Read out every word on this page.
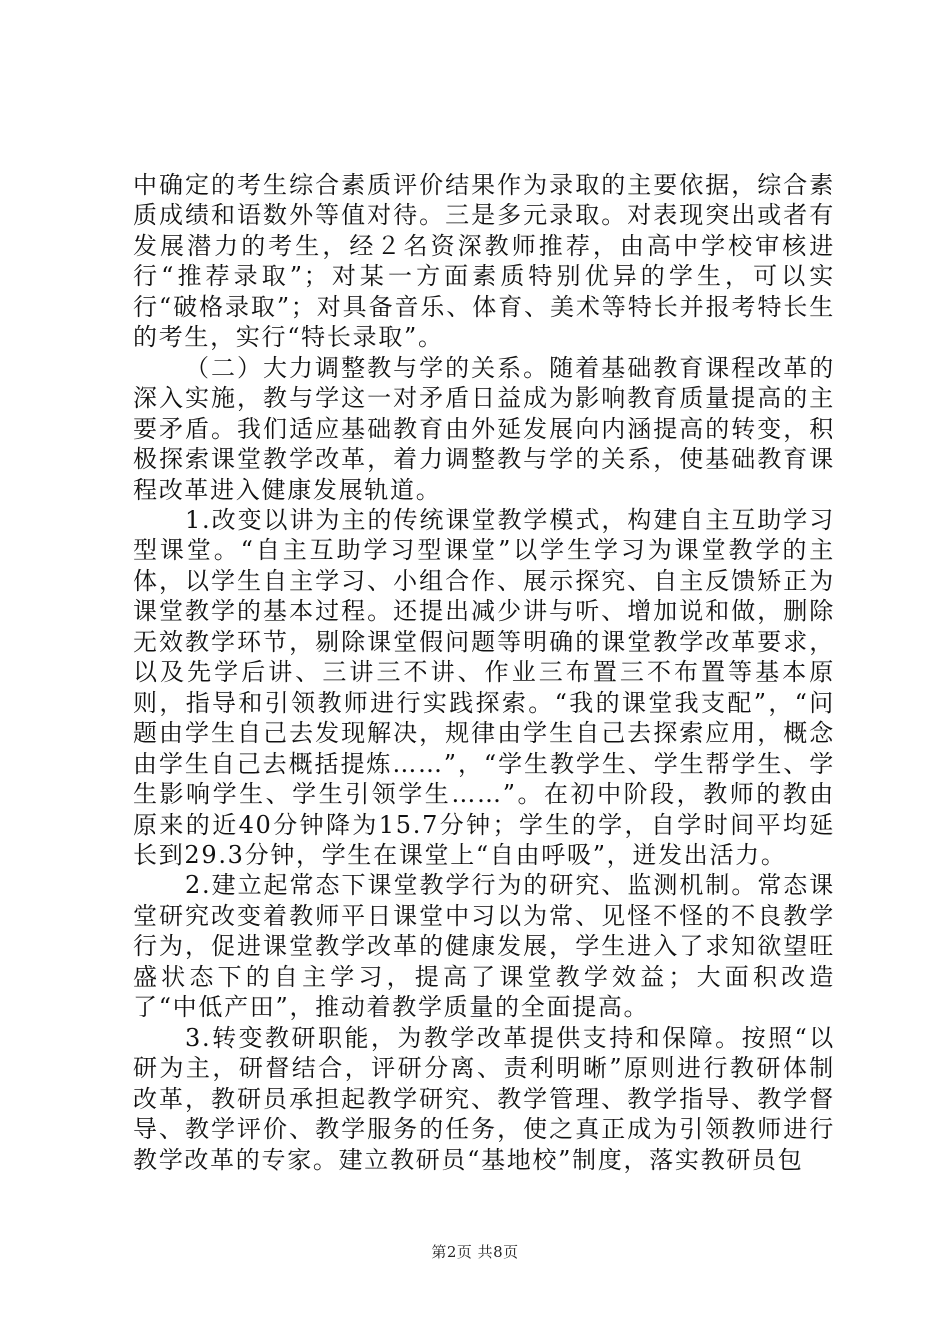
中确定的考生综合素质评价结果作为录取的主要依据，综合素质成绩和语数外等值对待。三是多元录取。对表现突出或者有发展潜力的考生，经２名资深教师推荐，由高中学校审核进行“推荐录取”；对某一方面素质特别优异的学生，可以实行“破格录取”；对具备音乐、体育、美术等特长并报考特长生的考生，实行“特长录取”。

（二）大力调整教与学的关系。随着基础教育课程改革的深入实施，教与学这一对矛盾日益成为影响教育质量提高的主要矛盾。我们适应基础教育由外延发展向内涵提高的转变，积极探索课堂教学改革，着力调整教与学的关系，使基础教育课程改革进入健康发展轨道。

1.改变以讲为主的传统课堂教学模式，构建自主互助学习型课堂。“自主互助学习型课堂”以学生学习为课堂教学的主体，以学生自主学习、小组合作、展示探究、自主反馈矫正为课堂教学的基本过程。还提出减少讲与听、增加说和做，删除无效教学环节，剔除课堂假问题等明确的课堂教学改革要求，以及先学后讲、三讲三不讲、作业三布置三不布置等基本原则，指导和引领教师进行实践探索。“我的课堂我支配”，“问题由学生自己去发现解决，规律由学生自己去探索应用，概念由学生自己去概括提炼……”，“学生教学生、学生帮学生、学生影响学生、学生引领学生……”。在初中阶段，教师的教由原来的近40分钟降为15.7分钟；学生的学，自学时间平均延长到29.3分钟，学生在课堂上“自由呼吸”，迸发出活力。

2.建立起常态下课堂教学行为的研究、监测机制。常态课堂研究改变着教师平日课堂中习以为常、见怪不怪的不良教学行为，促进课堂教学改革的健康发展，学生进入了求知欲望旺盛状态下的自主学习，提高了课堂教学效益；大面积改造了“中低产田”，推动着教学质量的全面提高。

3.转变教研职能，为教学改革提供支持和保障。按照“以研为主，研督结合，评研分离、责利明晰”原则进行教研体制改革，教研员承担起教学研究、教学管理、教学指导、教学督导、教学评价、教学服务的任务，使之真正成为引领教师进行教学改革的专家。建立教研员“基地校”制度，落实教研员包

第2页 共8页
